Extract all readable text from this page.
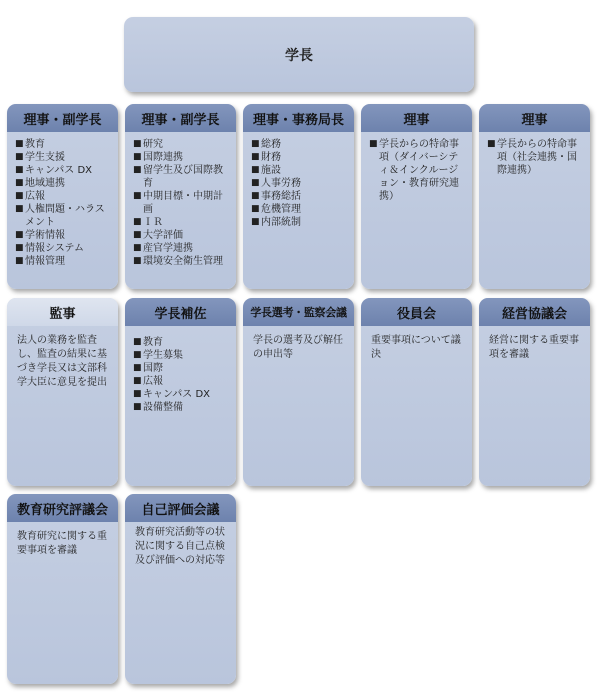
学長
理事・副学長
■ 教育
■ 学生支援
■ キャンパス DX
■ 地域連携
■ 広報
■ 人権問題・ハラスメント
■ 学術情報
■ 情報システム
■ 情報管理
理事・副学長
■ 研究
■ 国際連携
■ 留学生及び国際教育
■ 中期目標・中期計画
■ ＩＲ
■ 大学評価
■ 産官学連携
■ 環境安全衛生管理
理事・事務局長
■ 総務
■ 財務
■ 施設
■ 人事労務
■ 事務総括
■ 危機管理
■ 内部統制
理事
■ 学長からの特命事項（ダイバーシティ＆インクルージョン・教育研究連携）
理事
■ 学長からの特命事項（社会連携・国際連携）
監事
法人の業務を監査し、監査の結果に基づき学長又は文部科学大臣に意見を提出
学長補佐
■ 教育
■ 学生募集
■ 国際
■ 広報
■ キャンパス DX
■ 設備整備
学長選考・監察会議
学長の選考及び解任の申出等
役員会
重要事項について議決
経営協議会
経営に関する重要事項を審議
教育研究評議会
教育研究に関する重要事項を審議
自己評価会議
教育研究活動等の状況に関する自己点検及び評価への対応等
